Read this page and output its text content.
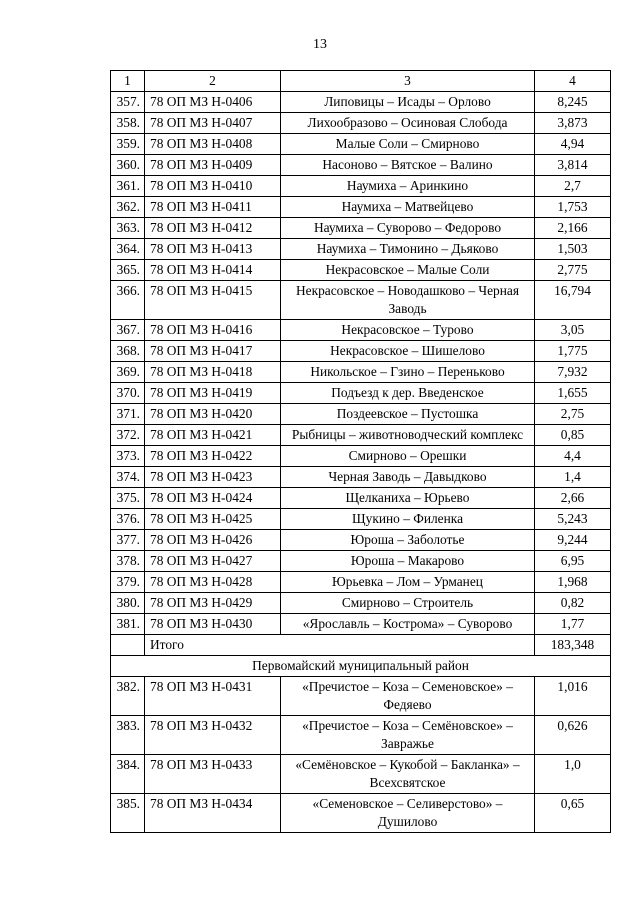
13
1	2	3	4
357.	78 ОП МЗ Н-0406	Липовицы – Исады – Орлово	8,245
358.	78 ОП МЗ Н-0407	Лихообразово – Осиновая Слобода	3,873
359.	78 ОП МЗ Н-0408	Малые Соли – Смирново	4,94
360.	78 ОП МЗ Н-0409	Насоново – Вятское – Валино	3,814
361.	78 ОП МЗ Н-0410	Наумиха – Аринкино	2,7
362.	78 ОП МЗ Н-0411	Наумиха – Матвейцево	1,753
363.	78 ОП МЗ Н-0412	Наумиха – Суворово – Федорово	2,166
364.	78 ОП МЗ Н-0413	Наумиха – Тимонино – Дьяково	1,503
365.	78 ОП МЗ Н-0414	Некрасовское – Малые Соли	2,775
366.	78 ОП МЗ Н-0415	Некрасовское – Новодашково – Черная Заводь	16,794
367.	78 ОП МЗ Н-0416	Некрасовское – Турово	3,05
368.	78 ОП МЗ Н-0417	Некрасовское – Шишелово	1,775
369.	78 ОП МЗ Н-0418	Никольское – Гзино – Переньково	7,932
370.	78 ОП МЗ Н-0419	Подъезд к дер. Введенское	1,655
371.	78 ОП МЗ Н-0420	Поздеевское – Пустошка	2,75
372.	78 ОП МЗ Н-0421	Рыбницы – животноводческий комплекс	0,85
373.	78 ОП МЗ Н-0422	Смирново – Орешки	4,4
374.	78 ОП МЗ Н-0423	Черная Заводь – Давыдково	1,4
375.	78 ОП МЗ Н-0424	Щелканиха – Юрьево	2,66
376.	78 ОП МЗ Н-0425	Щукино – Филенка	5,243
377.	78 ОП МЗ Н-0426	Юроша – Заболотье	9,244
378.	78 ОП МЗ Н-0427	Юроша – Макарово	6,95
379.	78 ОП МЗ Н-0428	Юрьевка – Лом – Урманец	1,968
380.	78 ОП МЗ Н-0429	Смирново – Строитель	0,82
381.	78 ОП МЗ Н-0430	«Ярославль – Кострома» – Суворово	1,77
	Итого		183,348
Первомайский муниципальный район			
382.	78 ОП МЗ Н-0431	«Пречистое – Коза – Семеновское» – Федяево	1,016
383.	78 ОП МЗ Н-0432	«Пречистое – Коза – Семёновское» – Завражье	0,626
384.	78 ОП МЗ Н-0433	«Семёновское – Кукобой – Бакланка» – Всехсвятское	1,0
385.	78 ОП МЗ Н-0434	«Семеновское – Селиверстово» – Душилово	0,65
